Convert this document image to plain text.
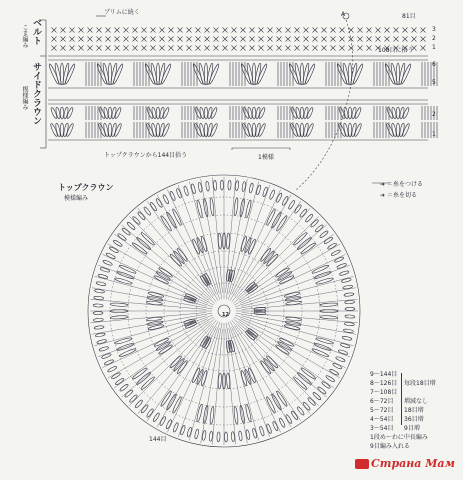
ベルト
こま編み
サイドクラウン
模様編み
ブリムに続く	A	81目
108目に拾う
トップクラウンから144目拾う	1模様
3
2
1
6
5
2
1
トップクラウン
模様編み
➜ ＝糸をつける
➜ ＝糸を切る
12
144目
9〜144目
8〜126目 毎段18目増
7〜108目
6〜72目 増減なし
5〜72目 18目増
4〜54目 36目増
3〜54目 9目増
1段め〜わに中長編み
9目編み入れる
Страна Мам
